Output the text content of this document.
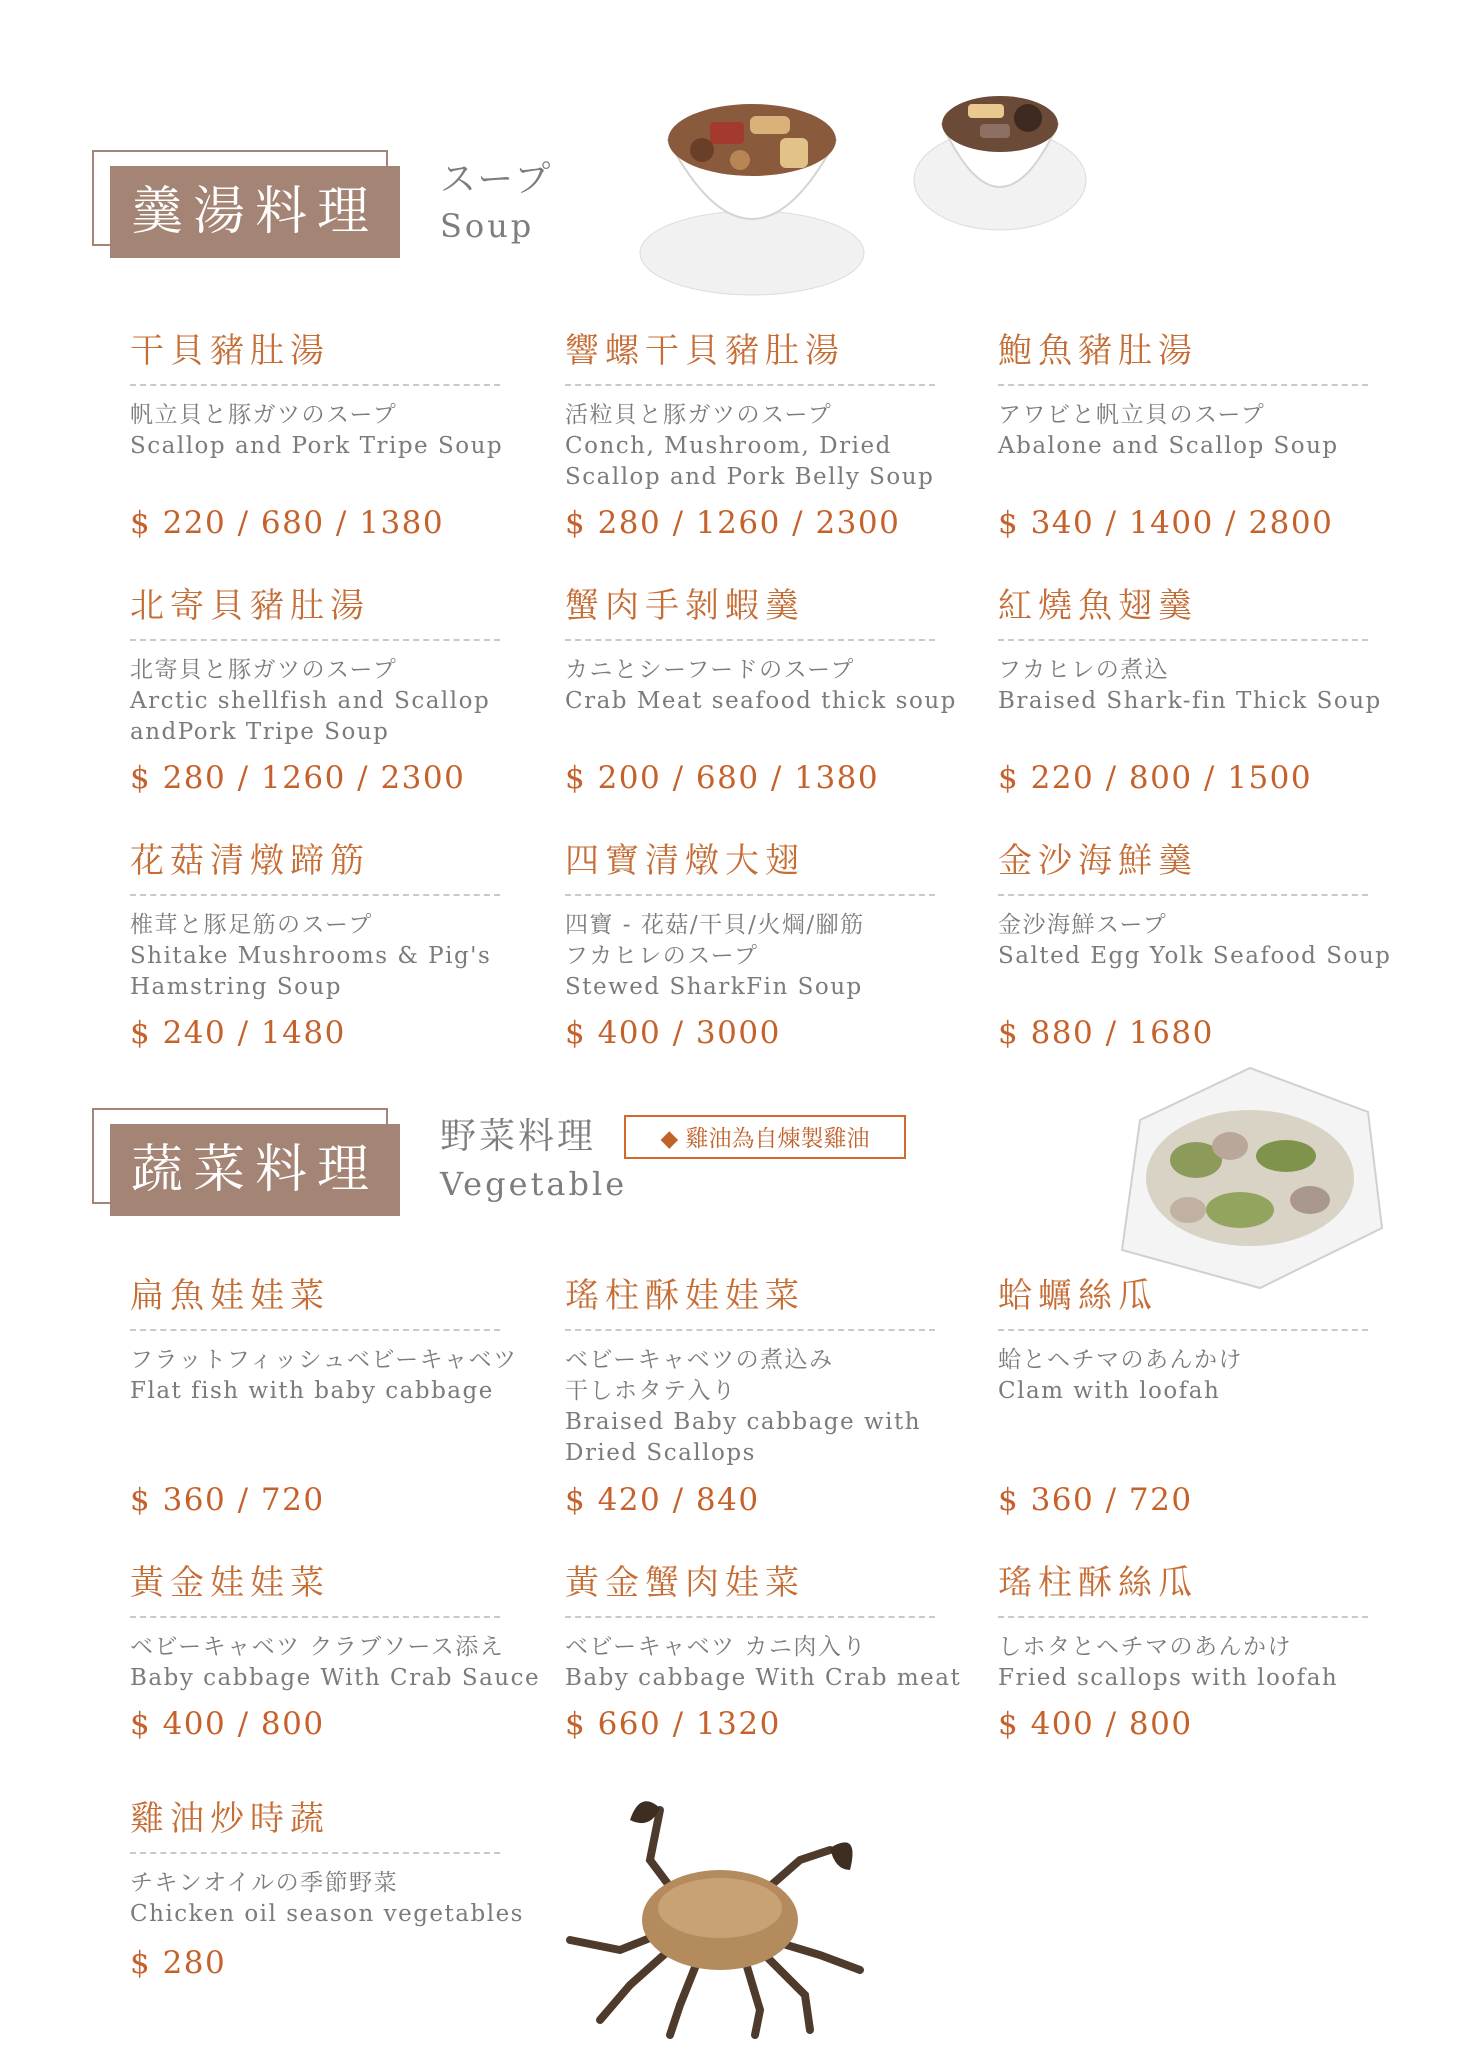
羹湯料理
スープ
Soup
干貝豬肚湯
帆立貝と豚ガツのスープ
Scallop and Pork Tripe Soup
$ 220 / 680 / 1380
響螺干貝豬肚湯
活粒貝と豚ガツのスープ
Conch, Mushroom, Dried
Scallop and Pork Belly Soup
$ 280 / 1260 / 2300
鮑魚豬肚湯
アワビと帆立貝のスープ
Abalone and Scallop Soup
$ 340 / 1400 / 2800
北寄貝豬肚湯
北寄貝と豚ガツのスープ
Arctic shellfish and Scallop
andPork Tripe Soup
$ 280 / 1260 / 2300
蟹肉手剝蝦羹
カニとシーフードのスープ
Crab Meat seafood thick soup
$ 200 / 680 / 1380
紅燒魚翅羹
フカヒレの煮込
Braised Shark-fin Thick Soup
$ 220 / 800 / 1500
花菇清燉蹄筋
椎茸と豚足筋のスープ
Shitake Mushrooms & Pig's
Hamstring Soup
$ 240 / 1480
四寶清燉大翅
四寶 - 花菇/干貝/火焵/腳筋
フカヒレのスープ
Stewed SharkFin Soup
$ 400 / 3000
金沙海鮮羹
金沙海鮮スープ
Salted Egg Yolk Seafood Soup
$ 880 / 1680
蔬菜料理
野菜料理
Vegetable
◆ 雞油為自煉製雞油
扁魚娃娃菜
フラットフィッシュベビーキャベツ
Flat fish with baby cabbage
$ 360 / 720
瑤柱酥娃娃菜
ベビーキャベツの煮込み
干しホタテ入り
Braised Baby cabbage with
Dried Scallops
$ 420 / 840
蛤蠣絲瓜
蛤とヘチマのあんかけ
Clam with loofah
$ 360 / 720
黃金娃娃菜
ベビーキャベツ クラブソース添え
Baby cabbage With Crab Sauce
$ 400 / 800
黃金蟹肉娃菜
ベビーキャベツ カニ肉入り
Baby cabbage With Crab meat
$ 660 / 1320
瑤柱酥絲瓜
しホタとヘチマのあんかけ
Fried scallops with loofah
$ 400 / 800
雞油炒時蔬
チキンオイルの季節野菜
Chicken oil season vegetables
$ 280
